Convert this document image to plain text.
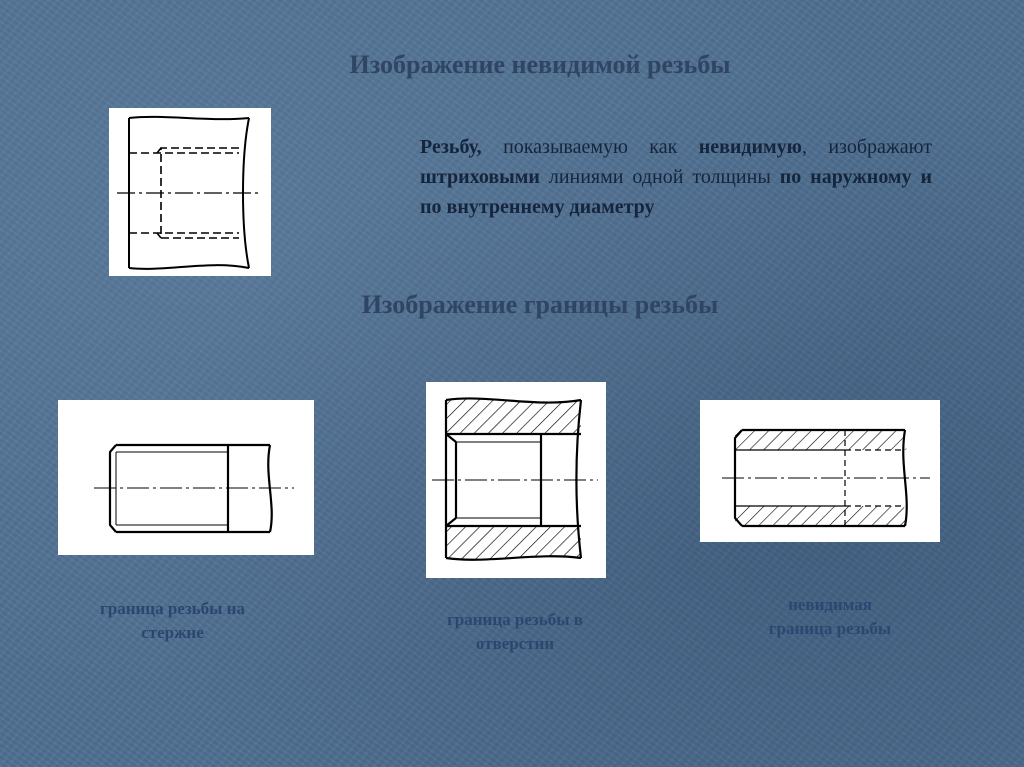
Изображение невидимой резьбы

Резьбу, показываемую как невидимую, изображают штриховыми линиями одной толщины по наружному и по внутреннему диаметру

Изображение границы резьбы

граница резьбы на
стержне

граница резьбы в
отверстии

невидимая
граница резьбы
